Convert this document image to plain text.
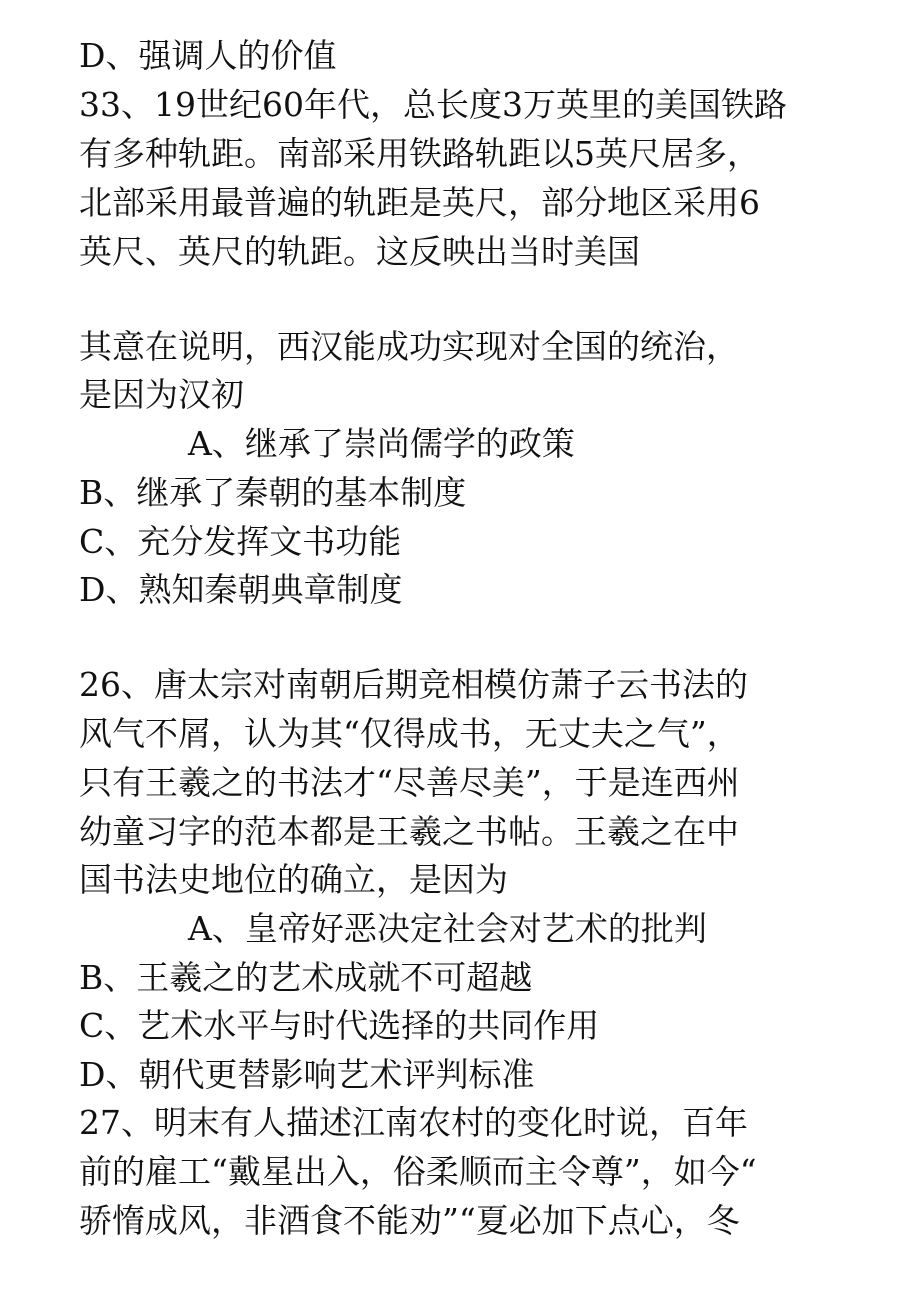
D、强调人的价值
33、19世纪60年代，总长度3万英里的美国铁路
有多种轨距。南部采用铁路轨距以5英尺居多，
北部采用最普遍的轨距是英尺，部分地区采用6
英尺、英尺的轨距。这反映出当时美国
其意在说明，西汉能成功实现对全国的统治，
是因为汉初
A、继承了崇尚儒学的政策
B、继承了秦朝的基本制度
C、充分发挥文书功能
D、熟知秦朝典章制度
26、唐太宗对南朝后期竞相模仿萧子云书法的
风气不屑，认为其“仅得成书，无丈夫之气”，
只有王羲之的书法才“尽善尽美”，于是连西州
幼童习字的范本都是王羲之书帖。王羲之在中
国书法史地位的确立，是因为
A、皇帝好恶决定社会对艺术的批判
B、王羲之的艺术成就不可超越
C、艺术水平与时代选择的共同作用
D、朝代更替影响艺术评判标准
27、明末有人描述江南农村的变化时说，百年
前的雇工“戴星出入，俗柔顺而主令尊”，如今“
骄惰成风，非酒食不能劝”“夏必加下点心，冬
